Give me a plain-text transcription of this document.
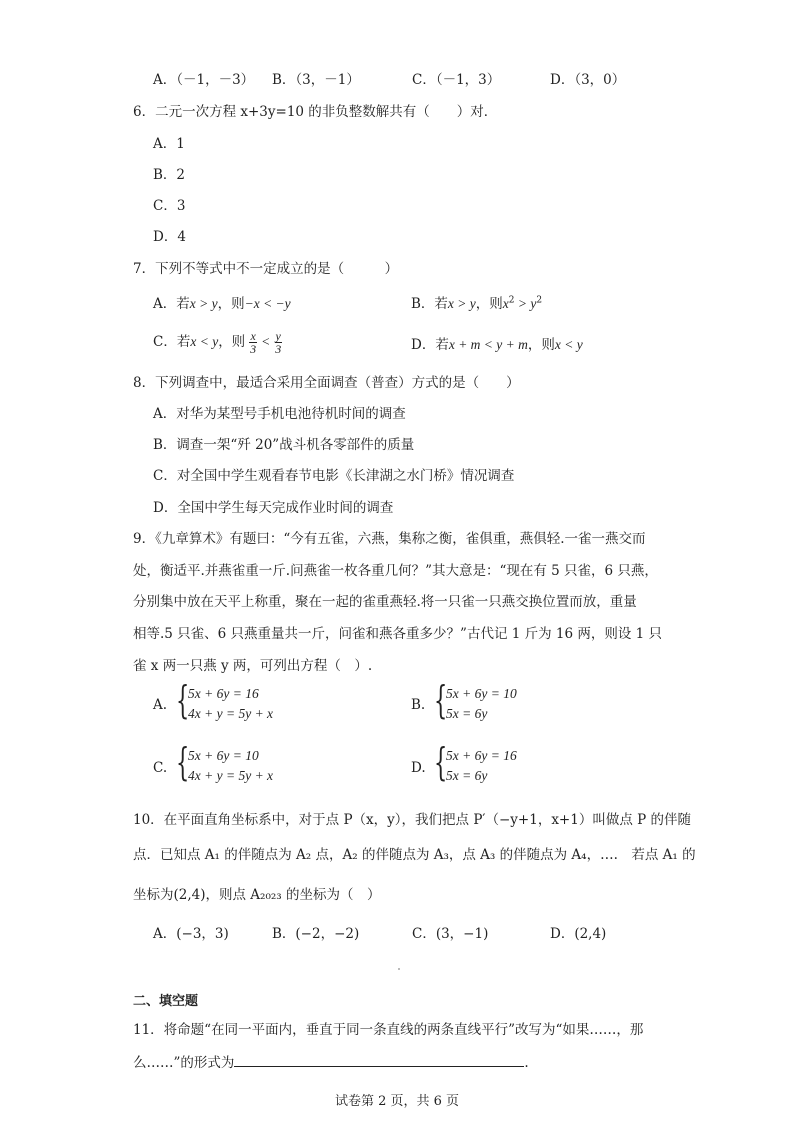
A．（－1，－3） B．（3，－1）	C．（－1，3）	D．（3，0）
6．二元一次方程 x+3y=10 的非负整数解共有（　　）对．
A．1
B．2
C．3
D．4
7．下列不等式中不一定成立的是（　　　）
A．若x > y，则−x < −y	B．若x > y，则$x^2 > y^2$
C．若x < y，则 $\frac{x}{3} < \frac{y}{3}$	D．若x + m < y + m，则x < y
8．下列调查中，最适合采用全面调查（普查）方式的是（　　）
A．对华为某型号手机电池待机时间的调查
B．调查一架“歼 20”战斗机各零部件的质量
C．对全国中学生观看春节电影《长津湖之水门桥》情况调查
D．全国中学生每天完成作业时间的调查
9．《九章算术》有题曰：“今有五雀，六燕，集称之衡，雀俱重，燕俱轻.一雀一燕交而
处，衡适平.并燕雀重一斤.问燕雀一枚各重几何？”其大意是：“现在有 5 只雀，6 只燕，
分别集中放在天平上称重，聚在一起的雀重燕轻.将一只雀一只燕交换位置而放，重量
相等.5 只雀、6 只燕重量共一斤，问雀和燕各重多少？”古代记 1 斤为 16 两，则设 1 只
雀 x 两一只燕 y 两，可列出方程（　）.
A. {
5x + 6y = 16
4x + y = 5y + x
B. {
5x + 6y = 10
5x = 6y
C. {
5x + 6y = 10
4x + y = 5y + x	D. {
5x + 6y = 16
5x = 6y
10．在平面直角坐标系中，对于点 P（x，y），我们把点 P′（−y+1，x+1）叫做点 P 的伴随
点．已知点 A₁ 的伴随点为 A₂ 点，A₂ 的伴随点为 A₃，点 A₃ 的伴随点为 A₄，….　若点 A₁ 的
坐标为(2,4)，则点 A₂₀₂₃ 的坐标为（　）
A．(−3，3)	B．(−2，−2)	C．(3，−1)	D．(2,4)
二、填空题
11．将命题“在同一平面内，垂直于同一条直线的两条直线平行”改写为“如果……，那
么……”的形式为	.
试卷第 2 页，共 6 页
